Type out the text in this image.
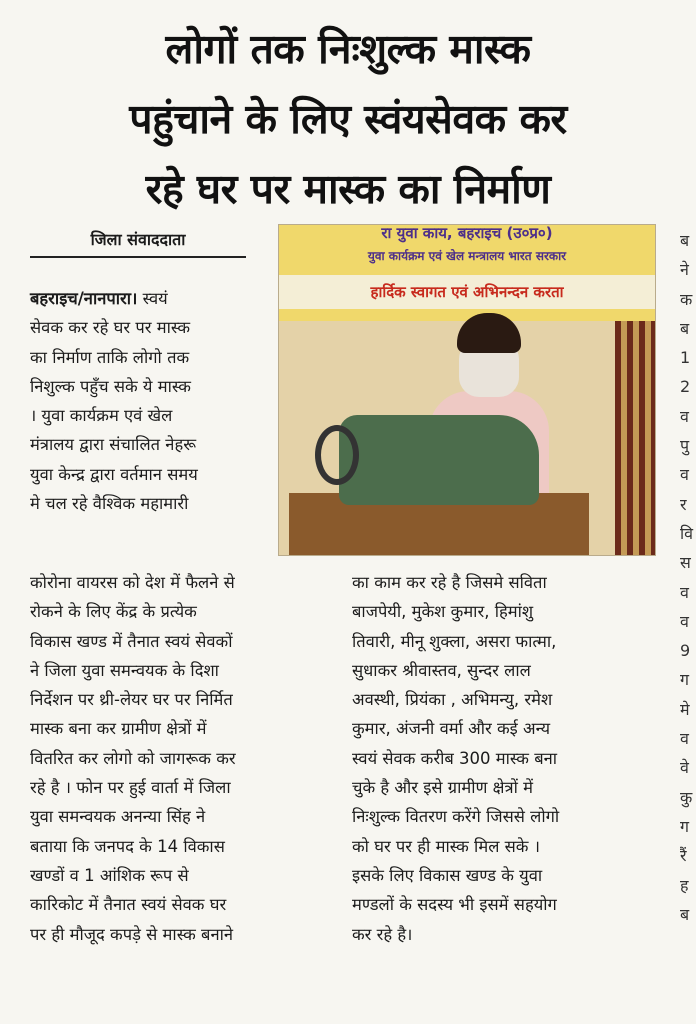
लोगों तक निःशुल्क मास्क
पहुंचाने के लिए स्वंयसेवक कर
रहे घर पर मास्क का निर्माण
जिला संवाददाता	रा युवा काय, बहराइच (उ०प्र०)
युवा कार्यक्रम एवं खेल मन्त्रालय भारत सरकार
हार्दिक स्वागत एवं अभिनन्दन करता

बहराइच/नानपारा। स्वयं

सेवक कर रहे घर पर मास्क

का निर्माण ताकि लोगो तक

निशुल्क पहुँच सके ये मास्क

। युवा कार्यक्रम एवं खेल

मंत्रालय द्वारा संचालित नेहरू

युवा केन्द्र द्वारा वर्तमान समय

मे चल रहे वैश्विक महामारी

कोरोना वायरस को देश में फैलने से

रोकने के लिए केंद्र के प्रत्येक

विकास खण्ड में तैनात स्वयं सेवकों

ने जिला युवा समन्वयक के दिशा

निर्देशन पर थ्री-लेयर घर पर निर्मित

मास्क बना कर ग्रामीण क्षेत्रों में

वितरित कर लोगो को जागरूक कर

रहे है । फोन पर हुई वार्ता में जिला

युवा समन्वयक अनन्या सिंह ने

बताया कि जनपद के 14 विकास

खण्डों व 1 आंशिक रूप से

कारिकोट में तैनात स्वयं सेवक घर

पर ही मौजूद कपड़े से मास्क बनाने

का काम कर रहे है जिसमे सविता

बाजपेयी, मुकेश कुमार, हिमांशु

तिवारी, मीनू शुक्ला, असरा फात्मा,

सुधाकर श्रीवास्तव, सुन्दर लाल

अवस्थी, प्रियंका , अभिमन्यु, रमेश

कुमार, अंजनी वर्मा और कई अन्य

स्वयं सेवक करीब 300 मास्क बना

चुके है और इसे ग्रामीण क्षेत्रों में

निःशुल्क वितरण करेंगे जिससे लोगो

को घर पर ही मास्क मिल सके ।

इसके लिए विकास खण्ड के युवा

मण्डलों के सदस्य भी इसमें सहयोग

कर रहे है।

ब
ने
क
ब
1
2
व
पु
व
र
वि
स
व
व
9
ग
मे
व
वे
कु
ग
रैं
ह
ब
